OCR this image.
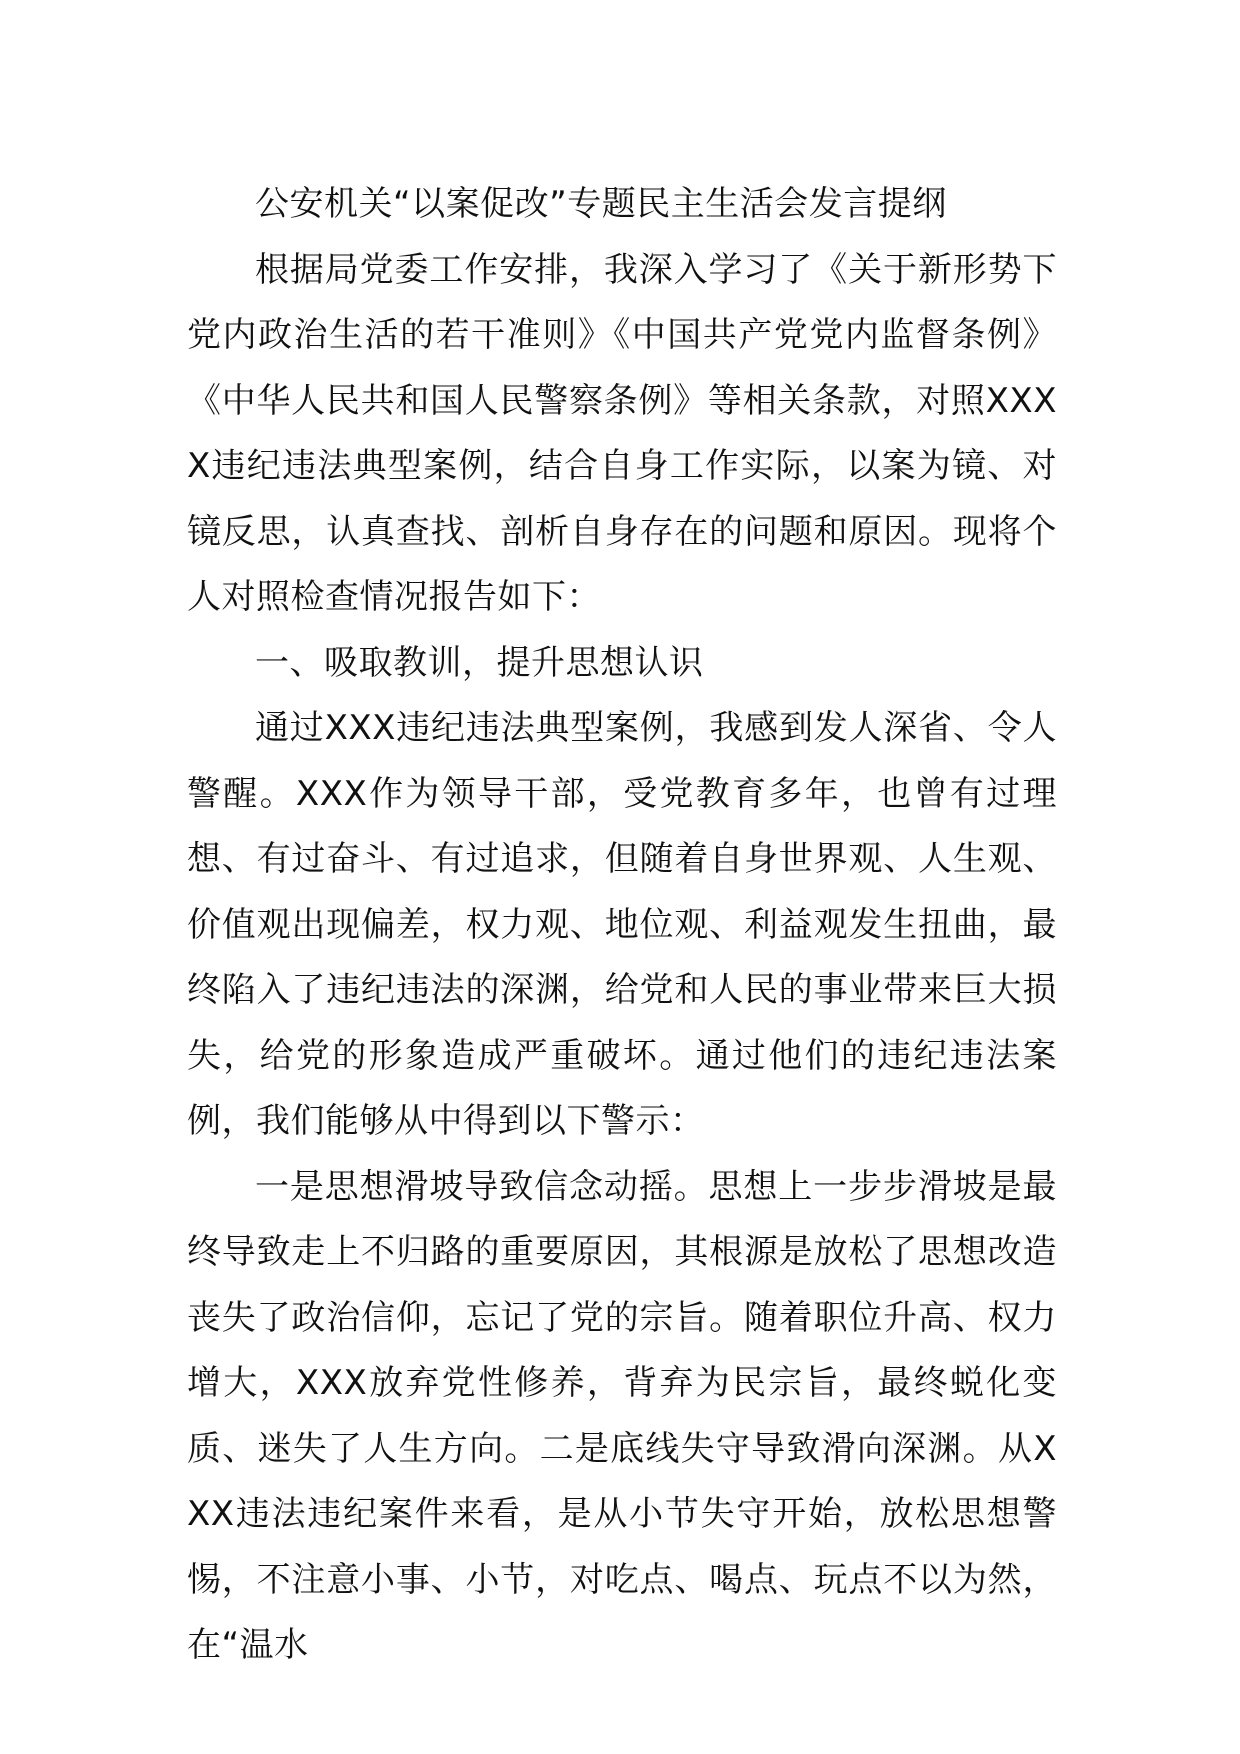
公安机关“以案促改”专题民主生活会发言提纲

根据局党委工作安排，我深入学习了《关于新形势下党内政治生活的若干准则》《中国共产党党内监督条例》《中华人民共和国人民警察条例》等相关条款，对照XXXX违纪违法典型案例，结合自身工作实际，以案为镜、对镜反思，认真查找、剖析自身存在的问题和原因。现将个人对照检查情况报告如下：

一、吸取教训，提升思想认识

通过XXX违纪违法典型案例，我感到发人深省、令人警醒。XXX作为领导干部，受党教育多年，也曾有过理想、有过奋斗、有过追求，但随着自身世界观、人生观、价值观出现偏差，权力观、地位观、利益观发生扭曲，最终陷入了违纪违法的深渊，给党和人民的事业带来巨大损失，给党的形象造成严重破坏。通过他们的违纪违法案例，我们能够从中得到以下警示：

一是思想滑坡导致信念动摇。思想上一步步滑坡是最终导致走上不归路的重要原因，其根源是放松了思想改造丧失了政治信仰，忘记了党的宗旨。随着职位升高、权力增大，XXX放弃党性修养，背弃为民宗旨，最终蜕化变质、迷失了人生方向。二是底线失守导致滑向深渊。从XXX违法违纪案件来看，是从小节失守开始，放松思想警惕，不注意小事、小节，对吃点、喝点、玩点不以为然，在“温水
